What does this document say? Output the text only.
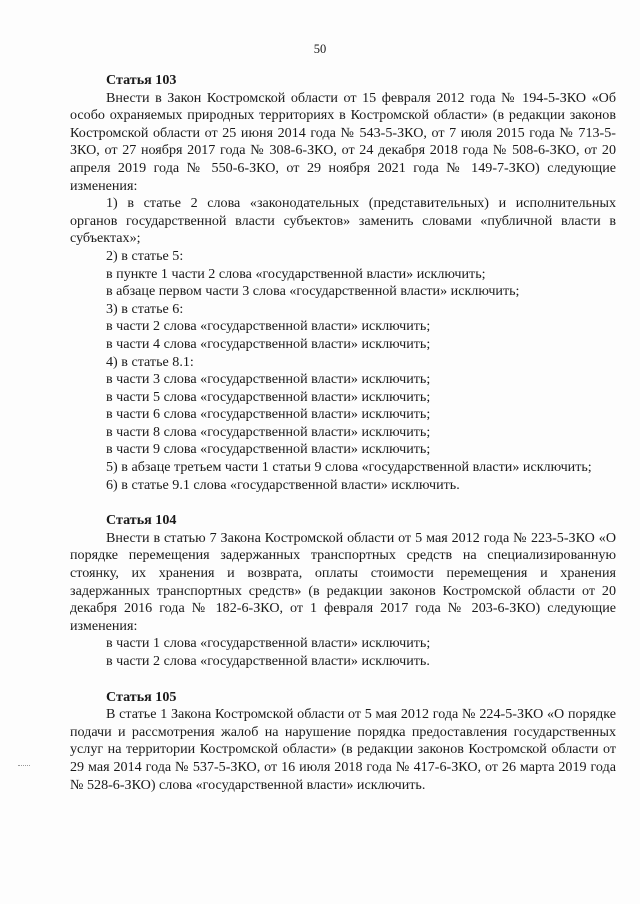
50

Статья 103

Внести в Закон Костромской области от 15 февраля 2012 года № 194-5-ЗКО «Об особо охраняемых природных территориях в Костромской области» (в редакции законов Костромской области от 25 июня 2014 года № 543-5-ЗКО, от 7 июля 2015 года № 713-5-ЗКО, от 27 ноября 2017 года № 308-6-ЗКО, от 24 декабря 2018 года № 508-6-ЗКО, от 20 апреля 2019 года № 550-6-ЗКО, от 29 ноября 2021 года № 149-7-ЗКО) следующие изменения:

1) в статье 2 слова «законодательных (представительных) и исполнительных органов государственной власти субъектов» заменить словами «публичной власти в субъектах»;

2) в статье 5:

в пункте 1 части 2 слова «государственной власти» исключить;

в абзаце первом части 3 слова «государственной власти» исключить;

3) в статье 6:

в части 2 слова «государственной власти» исключить;

в части 4 слова «государственной власти» исключить;

4) в статье 8.1:

в части 3 слова «государственной власти» исключить;

в части 5 слова «государственной власти» исключить;

в части 6 слова «государственной власти» исключить;

в части 8 слова «государственной власти» исключить;

в части 9 слова «государственной власти» исключить;

5) в абзаце третьем части 1 статьи 9 слова «государственной власти» исключить;

6) в статье 9.1 слова «государственной власти» исключить.

Статья 104

Внести в статью 7 Закона Костромской области от 5 мая 2012 года № 223-5-ЗКО «О порядке перемещения задержанных транспортных средств на специализированную стоянку, их хранения и возврата, оплаты стоимости перемещения и хранения задержанных транспортных средств» (в редакции законов Костромской области от 20 декабря 2016 года № 182-6-ЗКО, от 1 февраля 2017 года № 203-6-ЗКО) следующие изменения:

в части 1 слова «государственной власти» исключить;

в части 2 слова «государственной власти» исключить.

Статья 105

В статье 1 Закона Костромской области от 5 мая 2012 года № 224-5-ЗКО «О порядке подачи и рассмотрения жалоб на нарушение порядка предоставления государственных услуг на территории Костромской области» (в редакции законов Костромской области от 29 мая 2014 года № 537-5-ЗКО, от 16 июля 2018 года № 417-6-ЗКО, от 26 марта 2019 года № 528-6-ЗКО) слова «государственной власти» исключить.
